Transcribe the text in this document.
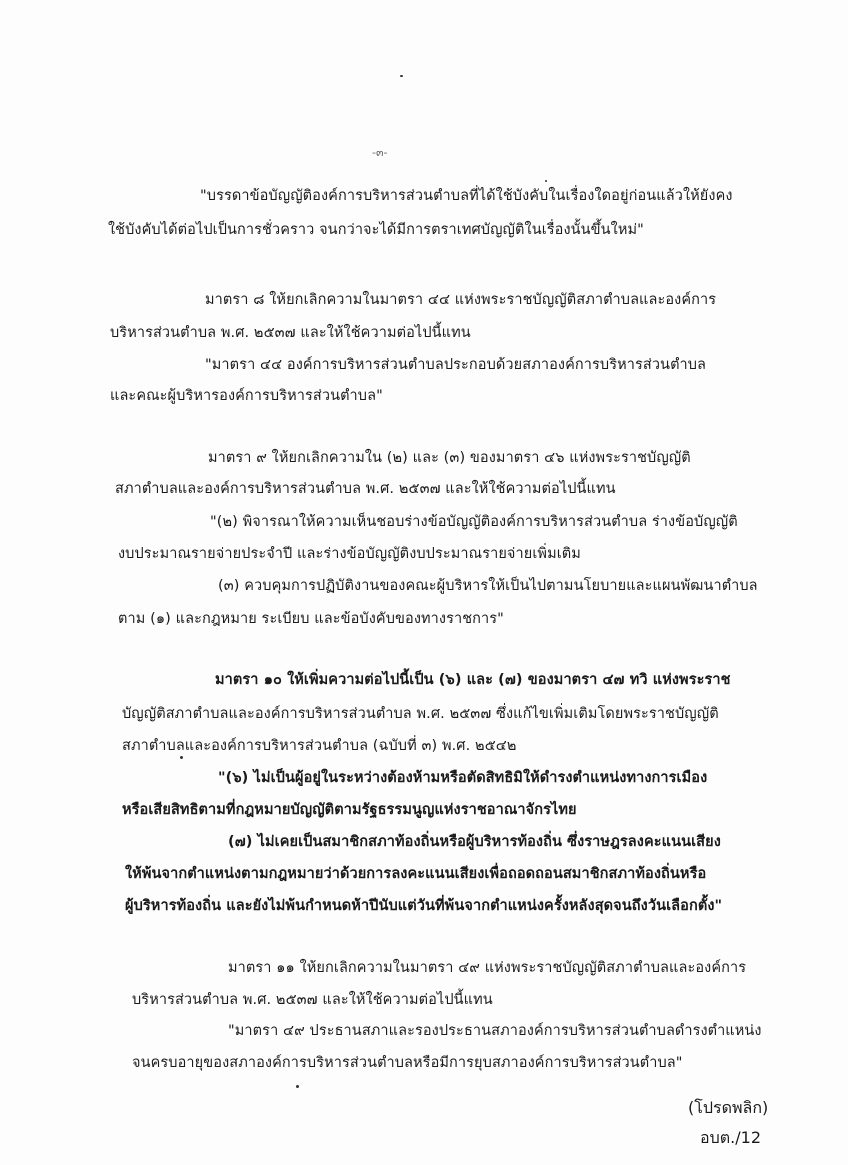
-๓-
"บรรดาข้อบัญญัติองค์การบริหารส่วนตำบลที่ได้ใช้บังคับในเรื่องใดอยู่ก่อนแล้วให้ยังคง
ใช้บังคับได้ต่อไปเป็นการชั่วคราว จนกว่าจะได้มีการตราเทศบัญญัติในเรื่องนั้นขึ้นใหม่"
มาตรา ๘ ให้ยกเลิกความในมาตรา ๔๔ แห่งพระราชบัญญัติสภาตำบลและองค์การ
บริหารส่วนตำบล พ.ศ. ๒๕๓๗ และให้ใช้ความต่อไปนี้แทน
"มาตรา ๔๔ องค์การบริหารส่วนตำบลประกอบด้วยสภาองค์การบริหารส่วนตำบล
และคณะผู้บริหารองค์การบริหารส่วนตำบล"
มาตรา ๙ ให้ยกเลิกความใน (๒) และ (๓) ของมาตรา ๔๖ แห่งพระราชบัญญัติ
สภาตำบลและองค์การบริหารส่วนตำบล พ.ศ. ๒๕๓๗ และให้ใช้ความต่อไปนี้แทน
"(๒) พิจารณาให้ความเห็นชอบร่างข้อบัญญัติองค์การบริหารส่วนตำบล ร่างข้อบัญญัติ
งบประมาณรายจ่ายประจำปี และร่างข้อบัญญัติงบประมาณรายจ่ายเพิ่มเติม
(๓) ควบคุมการปฏิบัติงานของคณะผู้บริหารให้เป็นไปตามนโยบายและแผนพัฒนาตำบล
ตาม (๑) และกฎหมาย ระเบียบ และข้อบังคับของทางราชการ"
มาตรา ๑๐ ให้เพิ่มความต่อไปนี้เป็น (๖) และ (๗) ของมาตรา ๔๗ ทวิ แห่งพระราช
บัญญัติสภาตำบลและองค์การบริหารส่วนตำบล พ.ศ. ๒๕๓๗ ซึ่งแก้ไขเพิ่มเติมโดยพระราชบัญญัติ
สภาตำบลและองค์การบริหารส่วนตำบล (ฉบับที่ ๓) พ.ศ. ๒๕๔๒
"(๖) ไม่เป็นผู้อยู่ในระหว่างต้องห้ามหรือตัดสิทธิมิให้ดำรงตำแหน่งทางการเมือง
หรือเสียสิทธิตามที่กฎหมายบัญญัติตามรัฐธรรมนูญแห่งราชอาณาจักรไทย
(๗) ไม่เคยเป็นสมาชิกสภาท้องถิ่นหรือผู้บริหารท้องถิ่น ซึ่งราษฎรลงคะแนนเสียง
ให้พ้นจากตำแหน่งตามกฎหมายว่าด้วยการลงคะแนนเสียงเพื่อถอดถอนสมาชิกสภาท้องถิ่นหรือ
ผู้บริหารท้องถิ่น และยังไม่พ้นกำหนดห้าปีนับแต่วันที่พ้นจากตำแหน่งครั้งหลังสุดจนถึงวันเลือกตั้ง"
มาตรา ๑๑ ให้ยกเลิกความในมาตรา ๔๙ แห่งพระราชบัญญัติสภาตำบลและองค์การ
บริหารส่วนตำบล พ.ศ. ๒๕๓๗ และให้ใช้ความต่อไปนี้แทน
"มาตรา ๔๙ ประธานสภาและรองประธานสภาองค์การบริหารส่วนตำบลดำรงตำแหน่ง
จนครบอายุของสภาองค์การบริหารส่วนตำบลหรือมีการยุบสภาองค์การบริหารส่วนตำบล"
(โปรดพลิก)
อบต./12
